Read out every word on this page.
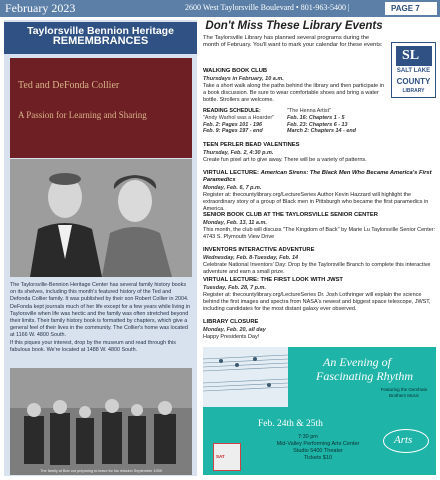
February 2023	2600 West Taylorsville Boulevard • 801-963-5400 |	PAGE 7
Taylorsville Bennion Heritage
REMEMBRANCES
Ted and DeFonda Collier
A Passion for Learning and Sharing

The Taylorsville-Bennion Heritage Center has several family history books on its shelves, including this month's featured history of the Ted and Defonda Collier family. It was published by their son Robert Collier in 2004.

DeFonda kept journals much of her life except for a few years while living in Taylorsville when life was hectic and the family was often stretched beyond their limits. Their family history book is formatted by chapters, which give a general feel of their lives in the community. The Collier's home was located at 1166 W. 4800 South.

If this piques your interest, drop by the museum and read through this fabulous book. We're located at 1488 W. 4800 South.

The family at Bob out preparing to leave for his mission September 1959
Don't Miss These Library Events
SL
SALT LAKE
COUNTY
LIBRARY
The Taylorsville Library has planned several programs during the month of February. You'll want to mark your calendar for these events:
WALKING BOOK CLUB
Thursdays in February, 10 a.m.
Take a short walk along the paths behind the library and then participate in a book discussion. Be sure to wear comfortable shoes and bring a water bottle. Strollers are welcome.
READING SCHEDULE:
"Andy Warhol was a Hoarder"
Feb. 2: Pages 101 - 196
Feb. 9: Pages 197 - end
"The Henna Artist"
Feb. 16: Chapters 1 - 5
Feb. 23: Chapters 6 - 13
March 2: Chapters 14 - end
TEEN PERLER BEAD VALENTINES
Thursday, Feb. 2, 4:30 p.m.
Create fun pixel art to give away. There will be a variety of patterns.
VIRTUAL LECTURE: American Sirens: The Black Men Who Became America's First Paramedics
Monday, Feb. 6, 7 p.m.
Register at: thecountylibrary.org/LectureSeries Author Kevin Hazzard will highlight the extraordinary story of a group of Black men in Pittsburgh who became the first paramedics in America.
SENIOR BOOK CLUB AT THE TAYLORSVILLE SENIOR CENTER
Monday, Feb. 13, 11 a.m.
This month, the club will discuss "The Kingdom of Back" by Marie Lu Taylorsville Senior Center: 4743 S. Plymouth View Drive
INVENTORS INTERACTIVE ADVENTURE
Wednesday, Feb. 8-Tuesday, Feb. 14
Celebrate National Inventors' Day: Drop by the Taylorsville Branch to complete this interactive adventure and earn a small prize.
VIRTUAL LECTURE: THE FIRST LOOK WITH JWST
Tuesday, Feb. 28, 7 p.m.
Register at: thecountylibrary.org/LectureSeries Dr. Josh Lothringer will explain the science behind the first images and spectra from NASA's newest and biggest space telescope, JWST, including candidates for the most distant galaxy ever observed.
LIBRARY CLOSURE
Monday, Feb. 20, all day
Happy Presidents Day!
An Evening of
Fascinating Rhythm
Featuring the Gershwin Brothers Music
Feb. 24th & 25th
7:30 pm
Mid-Valley Performing Arts Center
Studio 5400 Theater
Tickets $10
Arts
SAT
